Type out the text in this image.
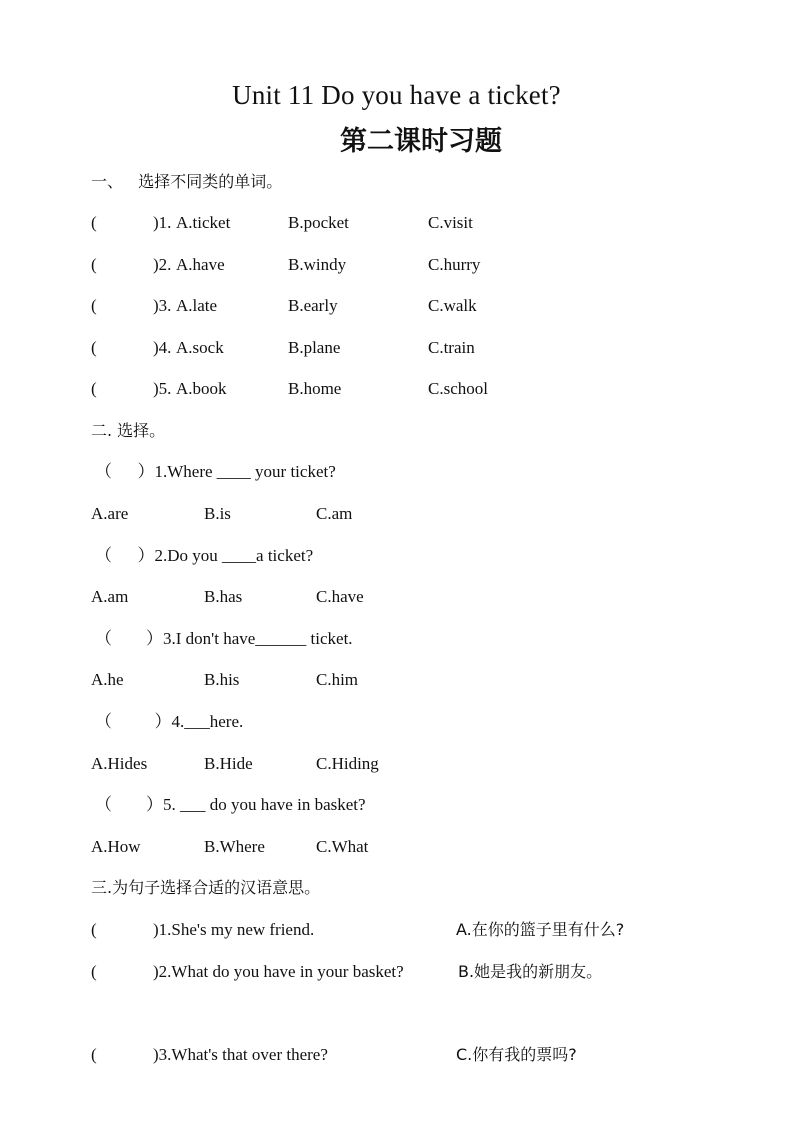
Unit 11 Do you have a ticket?
第二课时习题
一、   选择不同类的单词。
(	)1. A.ticket	B.pocket	C.visit
(	)2. A.have	B.windy	C.hurry
(	)3. A.late	B.early	C.walk
(	)4. A.sock	B.plane	C.train
(	)5. A.book	B.home	C.school
二. 选择。
（      ）1.Where ____ your ticket?
A.are	B.is	C.am
（      ）2.Do you ____a ticket?
A.am	B.has	C.have
（        ）3.I don't have______ ticket.
A.he	B.his	C.him
（          ）4.___here.
A.Hides	B.Hide	C.Hiding
（        ）5. ___ do you have in basket?
A.How	B.Where	C.What
三.为句子选择合适的汉语意思。
(	)1.She's my new friend.	A.在你的篮子里有什么?
(	)2.What do you have in your basket?	B.她是我的新朋友。
(	)3.What's that over there?	C.你有我的票吗?
